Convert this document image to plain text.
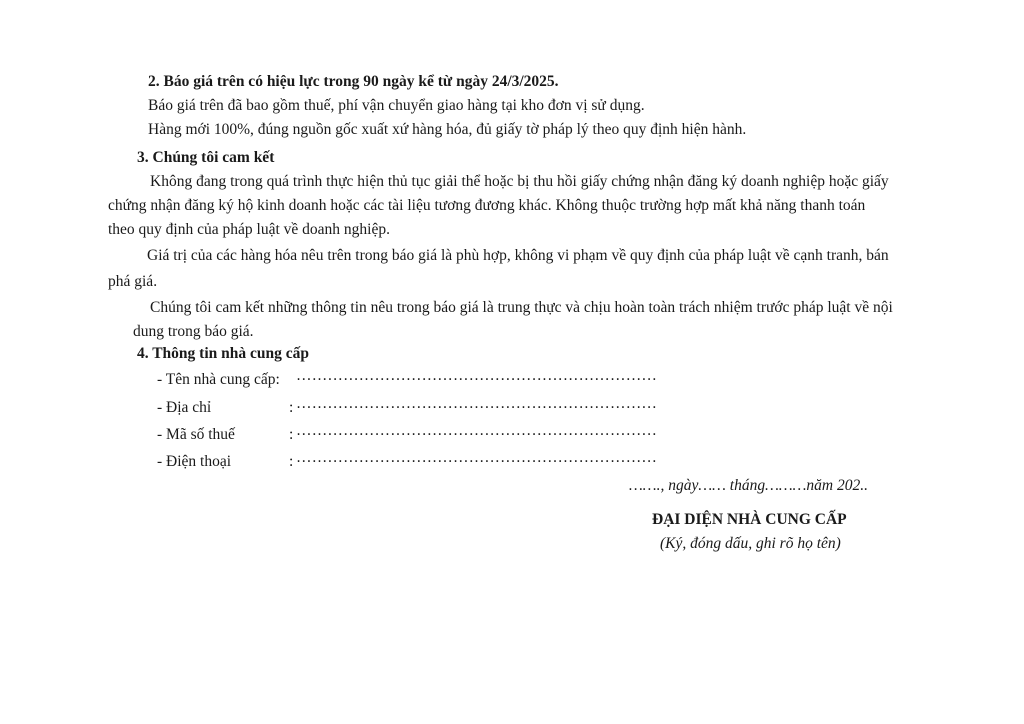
2. Báo giá trên có hiệu lực trong 90 ngày kể từ ngày 24/3/2025.
Báo giá trên đã bao gồm thuế, phí vận chuyển giao hàng tại kho đơn vị sử dụng.
Hàng mới 100%, đúng nguồn gốc xuất xứ hàng hóa, đủ giấy tờ pháp lý theo quy định hiện hành.
3. Chúng tôi cam kết
Không đang trong quá trình thực hiện thủ tục giải thể hoặc bị thu hồi giấy chứng nhận đăng ký doanh nghiệp hoặc giấy
chứng nhận đăng ký hộ kinh doanh hoặc các tài liệu tương đương khác. Không thuộc trường hợp mất khả năng thanh toán
theo quy định của pháp luật về doanh nghiệp.
Giá trị của các hàng hóa nêu trên trong báo giá là phù hợp, không vi phạm về quy định của pháp luật về cạnh tranh, bán
phá giá.
Chúng tôi cam kết những thông tin nêu trong báo giá là trung thực và chịu hoàn toàn trách nhiệm trước pháp luật về nội
dung trong báo giá.
4. Thông tin nhà cung cấp
- Tên nhà cung cấp: ……………………………………………………………
- Địa chỉ	: ……………………………………………………………
- Mã số thuế	: ……………………………………………………………
- Điện thoại	: ……………………………………………………………
……., ngày…… tháng………năm 202..
ĐẠI DIỆN NHÀ CUNG CẤP
(Ký, đóng dấu, ghi rõ họ tên)
